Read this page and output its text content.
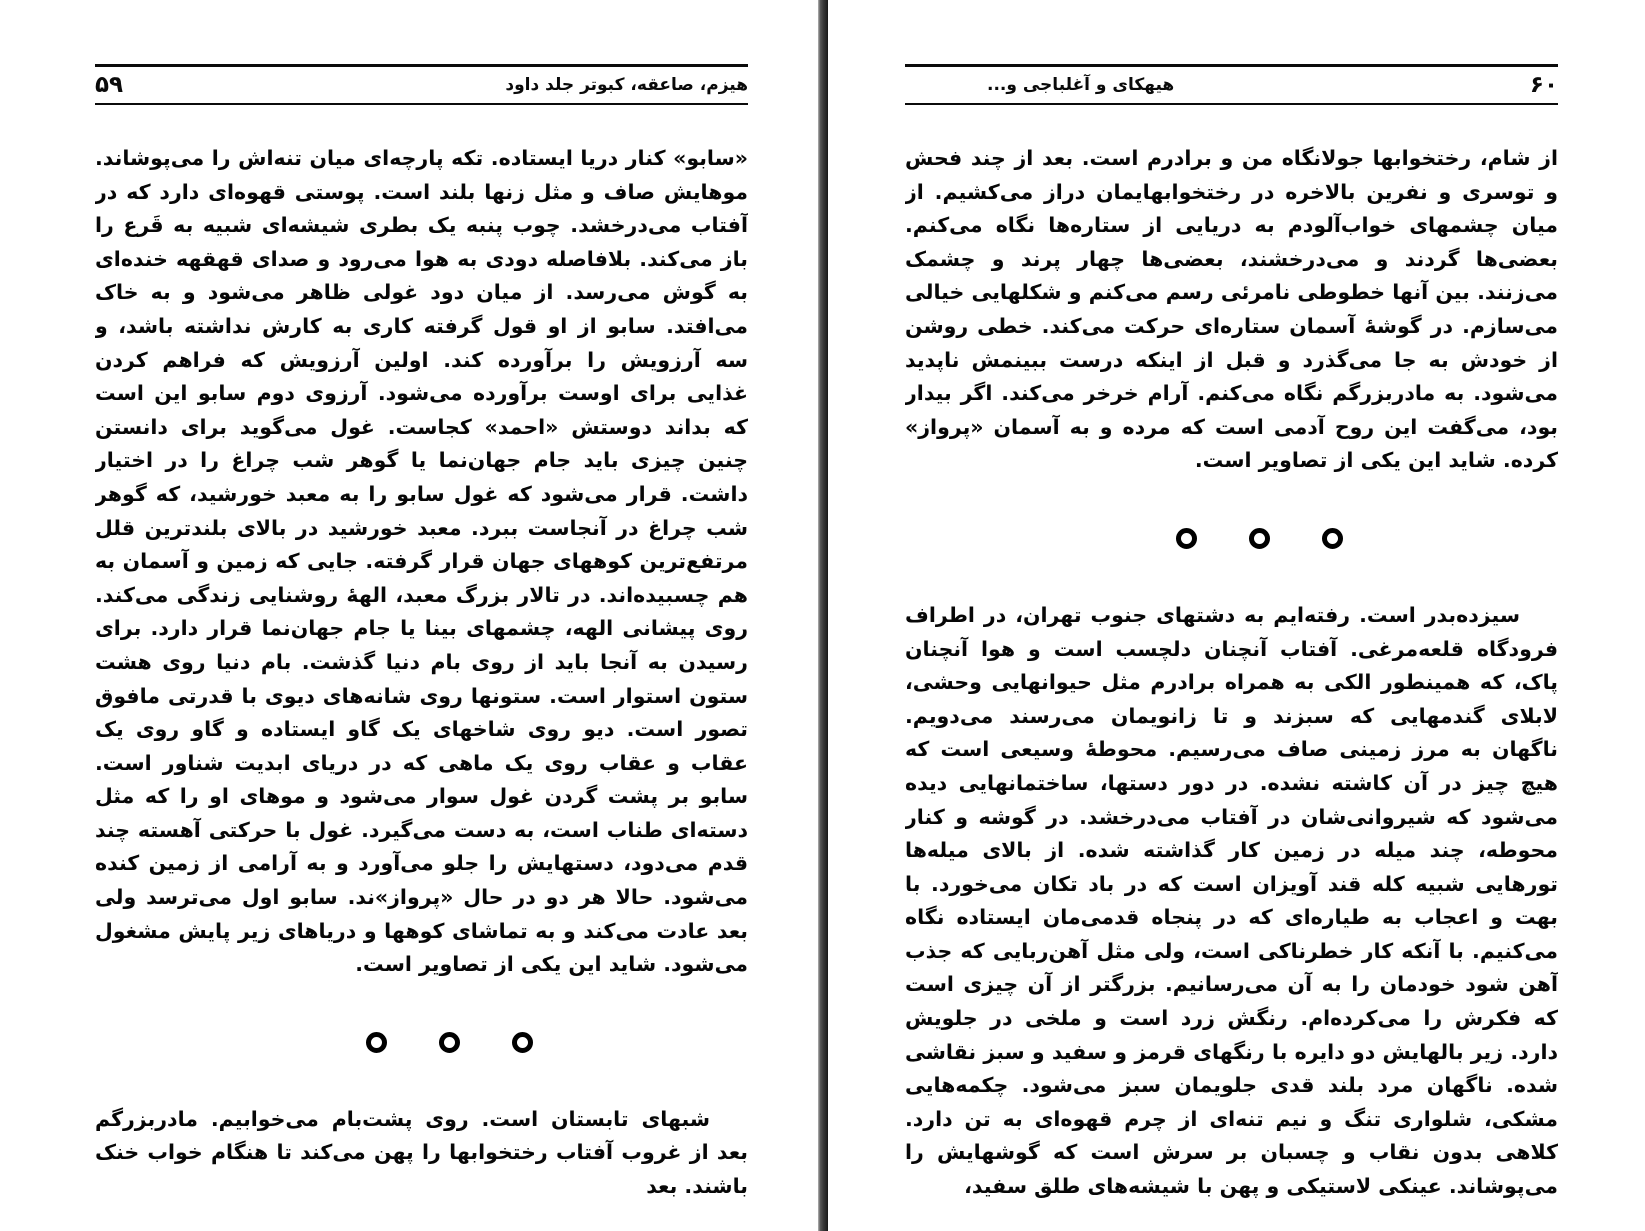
۵۹	هیزم، صاعقه، کبوتر جلد داود

«سابو» کنار دریا ایستاده. تکه پارچه‌ای میان تنه‌اش را می‌پوشاند. موهایش صاف و مثل زنها بلند است. پوستی قهوه‌ای دارد که در آفتاب می‌درخشد. چوب پنبه یک بطری شیشه‌ای شبیه به قَرع را باز می‌کند. بلافاصله دودی به هوا می‌رود و صدای قهقهه خنده‌ای به گوش می‌رسد. از میان دود غولی ظاهر می‌شود و به خاک می‌افتد. سابو از او قول گرفته کاری به کارش نداشته باشد، و سه آرزویش را برآورده کند. اولین آرزویش که فراهم کردن غذایی برای اوست برآورده می‌شود. آرزوی دوم سابو این است که بداند دوستش «احمد» کجاست. غول می‌گوید برای دانستن چنین چیزی باید جام جهان‌نما یا گوهر شب چراغ را در اختیار داشت. قرار می‌شود که غول سابو را به معبد خورشید، که گوهر شب چراغ در آنجاست ببرد. معبد خورشید در بالای بلندترین قلل مرتفع‌ترین کوههای جهان قرار گرفته. جایی که زمین و آسمان به هم چسبیده‌اند. در تالار بزرگ معبد، الهۀ روشنایی زندگی می‌کند. روی پیشانی الهه، چشمهای بینا یا جام جهان‌نما قرار دارد. برای رسیدن به آنجا باید از روی بام دنیا گذشت. بام دنیا روی هشت ستون استوار است. ستونها روی شانه‌های دیوی با قدرتی مافوق تصور است. دیو روی شاخهای یک گاو ایستاده و گاو روی یک عقاب و عقاب روی یک ماهی که در دریای ابدیت شناور است. سابو بر پشت گردن غول سوار می‌شود و موهای او را که مثل دسته‌ای طناب است، به دست می‌گیرد. غول با حرکتی آهسته چند قدم می‌دود، دستهایش را جلو می‌آورد و به آرامی از زمین کنده می‌شود. حالا هر دو در حال «پرواز»ند. سابو اول می‌ترسد ولی بعد عادت می‌کند و به تماشای کوهها و دریاهای زیر پایش مشغول می‌شود. شاید این یکی از تصاویر است.

شبهای تابستان است. روی پشت‌بام می‌خوابیم. مادربزرگم بعد از غروب آفتاب رختخوابها را پهن می‌کند تا هنگام خواب خنک باشند. بعد

هیهکای و آغلباجی و...	۶۰

از شام، رختخوابها جولانگاه من و برادرم است. بعد از چند فحش و توسری و نفرین بالاخره در رختخوابهایمان دراز می‌کشیم. از میان چشمهای خواب‌آلودم به دریایی از ستاره‌ها نگاه می‌کنم. بعضی‌ها گردند و می‌درخشند، بعضی‌ها چهار پرند و چشمک می‌زنند. بین آنها خطوطی نامرئی رسم می‌کنم و شکلهایی خیالی می‌سازم. در گوشهٔ آسمان ستاره‌ای حرکت می‌کند. خطی روشن از خودش به جا می‌گذرد و قبل از اینکه درست ببینمش ناپدید می‌شود. به مادربزرگم نگاه می‌کنم. آرام خرخر می‌کند. اگر بیدار بود، می‌گفت این روح آدمی است که مرده و به آسمان «پرواز» کرده. شاید این یکی از تصاویر است.

سیزده‌بدر است. رفته‌ایم به دشتهای جنوب تهران، در اطراف فرودگاه قلعه‌مرغی. آفتاب آنچنان دلچسب است و هوا آنچنان پاک، که همینطور الکی به همراه برادرم مثل حیوانهایی وحشی، لابلای گندمهایی که سبزند و تا زانویمان می‌رسند می‌دویم. ناگهان به مرز زمینی صاف می‌رسیم. محوطهٔ وسیعی است که هیچ چیز در آن کاشته نشده. در دور دستها، ساختمانهایی دیده می‌شود که شیروانی‌شان در آفتاب می‌درخشد. در گوشه و کنار محوطه، چند میله در زمین کار گذاشته شده. از بالای میله‌ها تورهایی شبیه کله قند آویزان است که در باد تکان می‌خورد. با بهت و اعجاب به طیاره‌ای که در پنجاه قدمی‌مان ایستاده نگاه می‌کنیم. با آنکه کار خطرناکی است، ولی مثل آهن‌ربایی که جذب آهن شود خودمان را به آن می‌رسانیم. بزرگتر از آن چیزی است که فکرش را می‌کرده‌ام. رنگش زرد است و ملخی در جلویش دارد. زیر بالهایش دو دایره با رنگهای قرمز و سفید و سبز نقاشی شده. ناگهان مرد بلند قدی جلویمان سبز می‌شود. چکمه‌هایی مشکی، شلواری تنگ و نیم تنه‌ای از چرم قهوه‌ای به تن دارد. کلاهی بدون نقاب و چسبان بر سرش است که گوشهایش را می‌پوشاند. عینکی لاستیکی و پهن با شیشه‌های طلق سفید،
